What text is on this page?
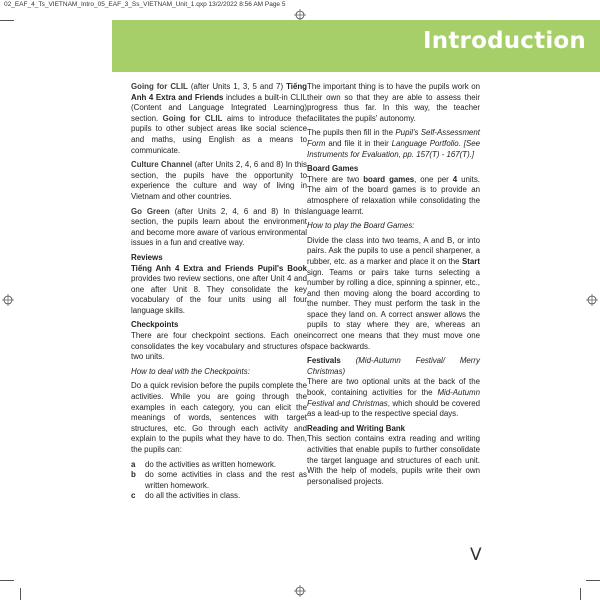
02_EAF_4_Ts_VIETNAM_Intro_05_EAF_3_Ss_VIETNAM_Unit_1.qxp 13/2/2022 8:56 AM Page 5
Introduction

Going for CLIL (after Units 1, 3, 5 and 7) Tiếng Anh 4 Extra and Friends includes a built-in CLIL (Content and Language Integrated Learning) section. Going for CLIL aims to introduce the pupils to other subject areas like social science and maths, using English as a means to communicate.

Culture Channel (after Units 2, 4, 6 and 8) In this section, the pupils have the opportunity to experience the culture and way of living in Vietnam and other countries.

Go Green (after Units 2, 4, 6 and 8) In this section, the pupils learn about the environment and become more aware of various environmental issues in a fun and creative way.

Reviews
Tiếng Anh 4 Extra and Friends Pupil's Book provides two review sections, one after Unit 4 and one after Unit 8. They consolidate the key vocabulary of the four units using all four language skills.

Checkpoints
There are four checkpoint sections. Each one consolidates the key vocabulary and structures of two units.

How to deal with the Checkpoints:

Do a quick revision before the pupils complete the activities. While you are going through the examples in each category, you can elicit the meanings of words, sentences with target structures, etc. Go through each activity and explain to the pupils what they have to do. Then, the pupils can:

a	do the activities as written homework.
b	do some activities in class and the rest as written homework.
c	do all the activities in class.

The important thing is to have the pupils work on their own so that they are able to assess their progress thus far. In this way, the teacher facilitates the pupils' autonomy.

The pupils then fill in the Pupil's Self-Assessment Form and file it in their Language Portfolio. [See Instruments for Evaluation, pp. 157(T) - 167(T).]

Board Games
There are two board games, one per 4 units. The aim of the board games is to provide an atmosphere of relaxation while consolidating the language learnt.

How to play the Board Games:

Divide the class into two teams, A and B, or into pairs. Ask the pupils to use a pencil sharpener, a rubber, etc. as a marker and place it on the Start sign. Teams or pairs take turns selecting a number by rolling a dice, spinning a spinner, etc., and then moving along the board according to the number. They must perform the task in the space they land on. A correct answer allows the pupils to stay where they are, whereas an incorrect one means that they must move one space backwards.

Festivals (Mid-Autumn Festival/ Merry Christmas)
There are two optional units at the back of the book, containing activities for the Mid-Autumn Festival and Christmas, which should be covered as a lead-up to the respective special days.

Reading and Writing Bank
This section contains extra reading and writing activities that enable pupils to further consolidate the target language and structures of each unit. With the help of models, pupils write their own personalised projects.

V
